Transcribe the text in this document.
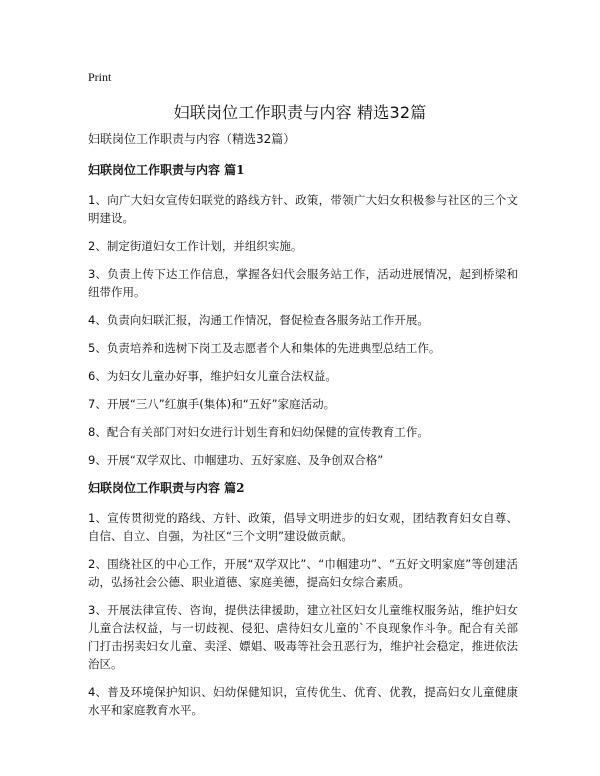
Print
妇联岗位工作职责与内容 精选32篇

妇联岗位工作职责与内容（精选32篇）

妇联岗位工作职责与内容 篇1

1、向广大妇女宣传妇联党的路线方针、政策，带领广大妇女积极参与社区的三个文明建设。

2、制定街道妇女工作计划，并组织实施。

3、负责上传下达工作信息，掌握各妇代会服务站工作，活动进展情况，起到桥梁和纽带作用。

4、负责向妇联汇报，沟通工作情况，督促检查各服务站工作开展。

5、负责培养和选树下岗工及志愿者个人和集体的先进典型总结工作。

6、为妇女儿童办好事，维护妇女儿童合法权益。

7、开展“三八”红旗手(集体)和“五好”家庭活动。

8、配合有关部门对妇女进行计划生育和妇幼保健的宣传教育工作。

9、开展“双学双比、巾帼建功、五好家庭、及争创双合格”

妇联岗位工作职责与内容 篇2

1、宣传贯彻党的路线、方针、政策，倡导文明进步的妇女观，团结教育妇女自尊、自信、自立、自强，为社区“三个文明”建设做贡献。

2、围绕社区的中心工作，开展“双学双比”、“巾帼建功”、“五好文明家庭”等创建活动，弘扬社会公德、职业道德、家庭美德，提高妇女综合素质。

3、开展法律宣传、咨询，提供法律援助，建立社区妇女儿童维权服务站，维护妇女儿童合法权益，与一切歧视、侵犯、虐待妇女儿童的`不良现象作斗争。配合有关部门打击拐卖妇女儿童、卖淫、嫖娼、吸毒等社会丑恶行为，维护社会稳定，推进依法治区。

4、普及环境保护知识、妇幼保健知识，宣传优生、优育、优教，提高妇女儿童健康水平和家庭教育水平。
